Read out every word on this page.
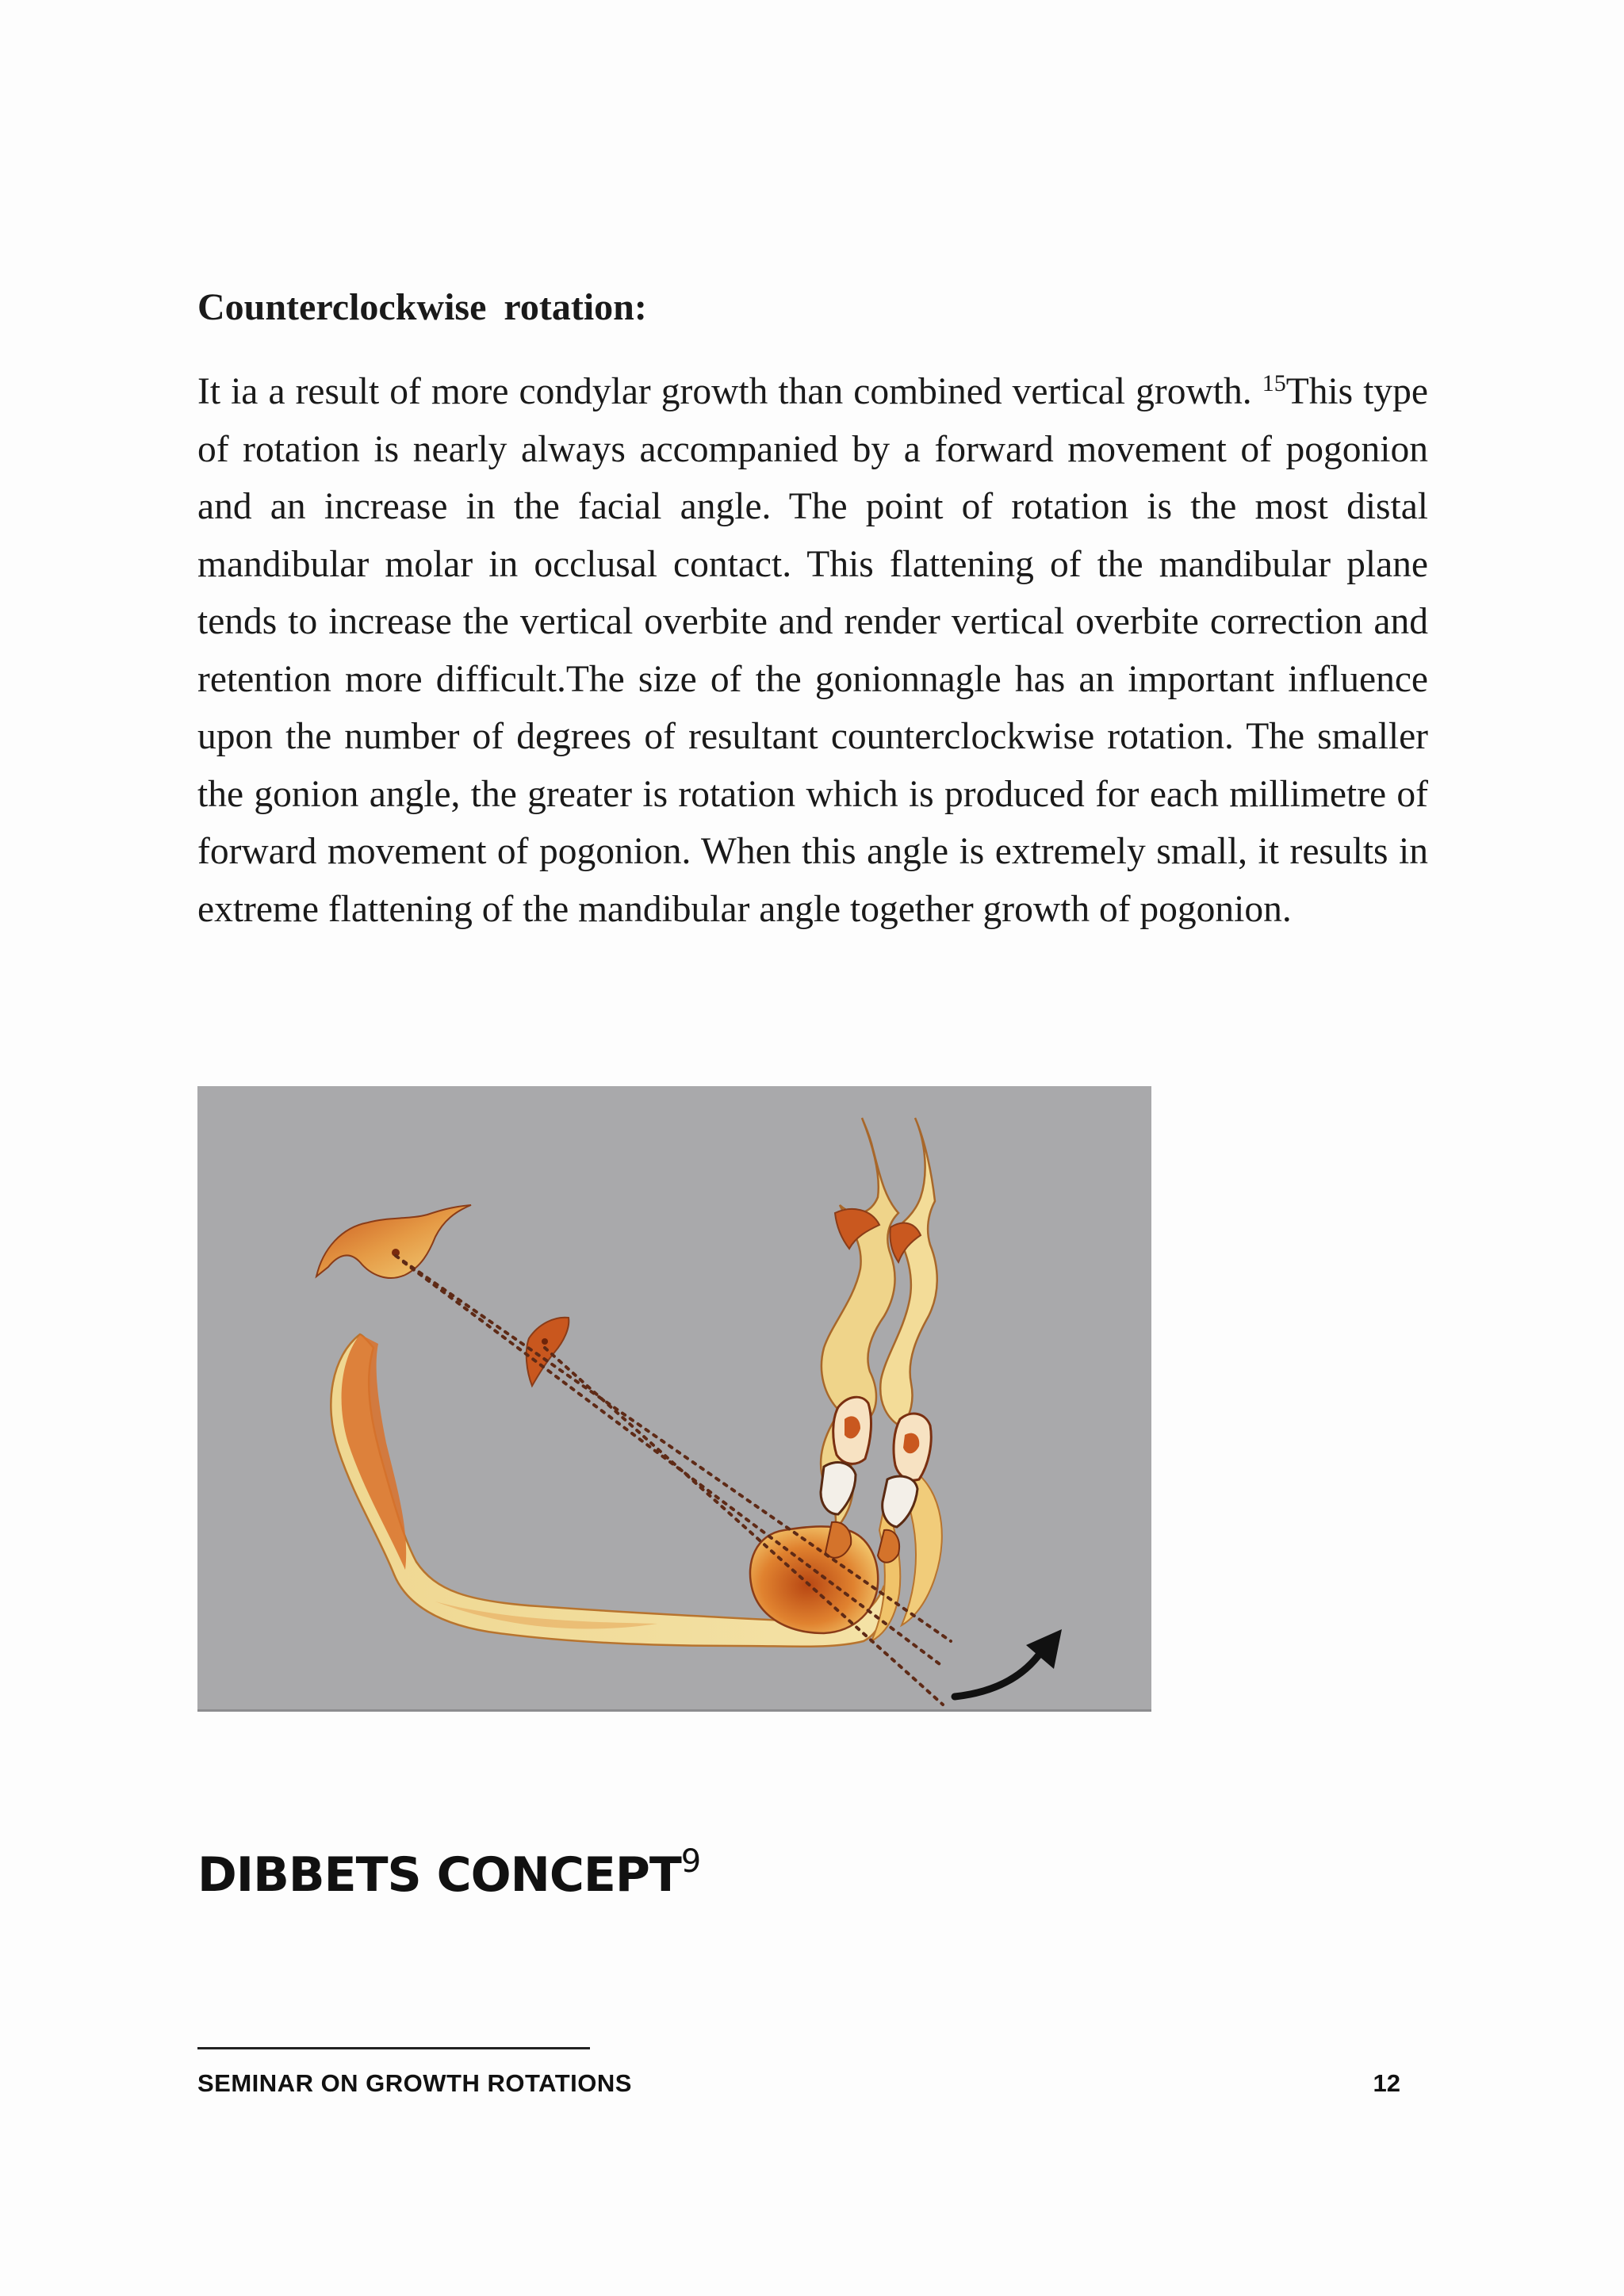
Counterclockwise rotation:

It ia a result of more condylar growth than combined vertical growth. $^{15}$This type of rotation is nearly always accompanied by a forward movement of pogonion and an increase in the facial angle. The point of rotation is the most distal mandibular molar in occlusal contact. This flattening of the mandibular plane tends to increase the vertical overbite and render vertical overbite correction and retention more difficult.The size of the gonionnagle has an important influence upon the number of degrees of resultant counterclockwise rotation. The smaller the gonion angle, the greater is rotation which is produced for each millimetre of forward movement of pogonion. When this angle is extremely small, it results in extreme flattening of the mandibular angle together growth of pogonion.

DIBBETS CONCEPT$^9$
SEMINAR ON GROWTH ROTATIONS	12
